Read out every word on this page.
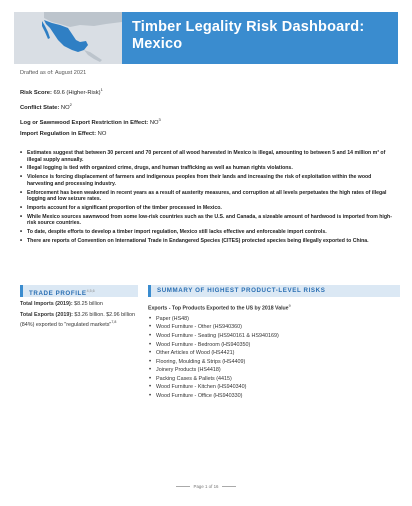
Timber Legality Risk Dashboard:
Mexico
Drafted as of: August 2021
Risk Score: 69.6 (Higher-Risk)$^1$
Conflict State: $NO^2$
Log or Sawnwood Export Restriction in Effect: $NO^3$
Import Regulation in Effect: NO
• Estimates suggest that between 30 percent and 70 percent of all wood harvested in Mexico is illegal, amounting to between 5 and 14 million m³ of illegal supply annually.
• Illegal logging is tied with organized crime, drugs, and human trafficking as well as human rights violations.
• Violence is forcing displacement of farmers and indigenous peoples from their lands and increasing the risk of exploitation within the wood harvesting and processing industry.
• Enforcement has been weakened in recent years as a result of austerity measures, and corruption at all levels perpetuates the high rates of illegal logging and low seizure rates.
• Imports account for a significant proportion of the timber processed in Mexico.
• While Mexico sources sawnwood from some low-risk countries such as the U.S. and Canada, a sizeable amount of hardwood is imported from high-risk source countries.
• To date, despite efforts to develop a timber import regulation, Mexico still lacks effective and enforceable import controls.
• There are reports of Convention on International Trade in Endangered Species (CITES) protected species being illegally exported to China.
TRADE PROFILE$^{4,5,6}$
Total Imports (2019): $8.25 billion
Total Exports (2019): $3.26 billion. $2.96 billion (84%) exported to "regulated markets"$^{7,8}$
SUMMARY OF HIGHEST PRODUCT-LEVEL RISKS
Exports - Top Products Exported to the US by 2018 Value$^9$
• Paper (HS48)
• Wood Furniture - Other (HS940360)
• Wood Furniture - Seating (HS940161 & HS940169)
• Wood Furniture - Bedroom (HS940350)
• Other Articles of Wood (HS4421)
• Flooring, Moulding & Strips (HS4409)
• Joinery Products (HS4418)
• Packing Cases & Pallets (4415)
• Wood Furniture - Kitchen (HS940340)
• Wood Furniture - Office (HS940330)
Page 1 of 16
